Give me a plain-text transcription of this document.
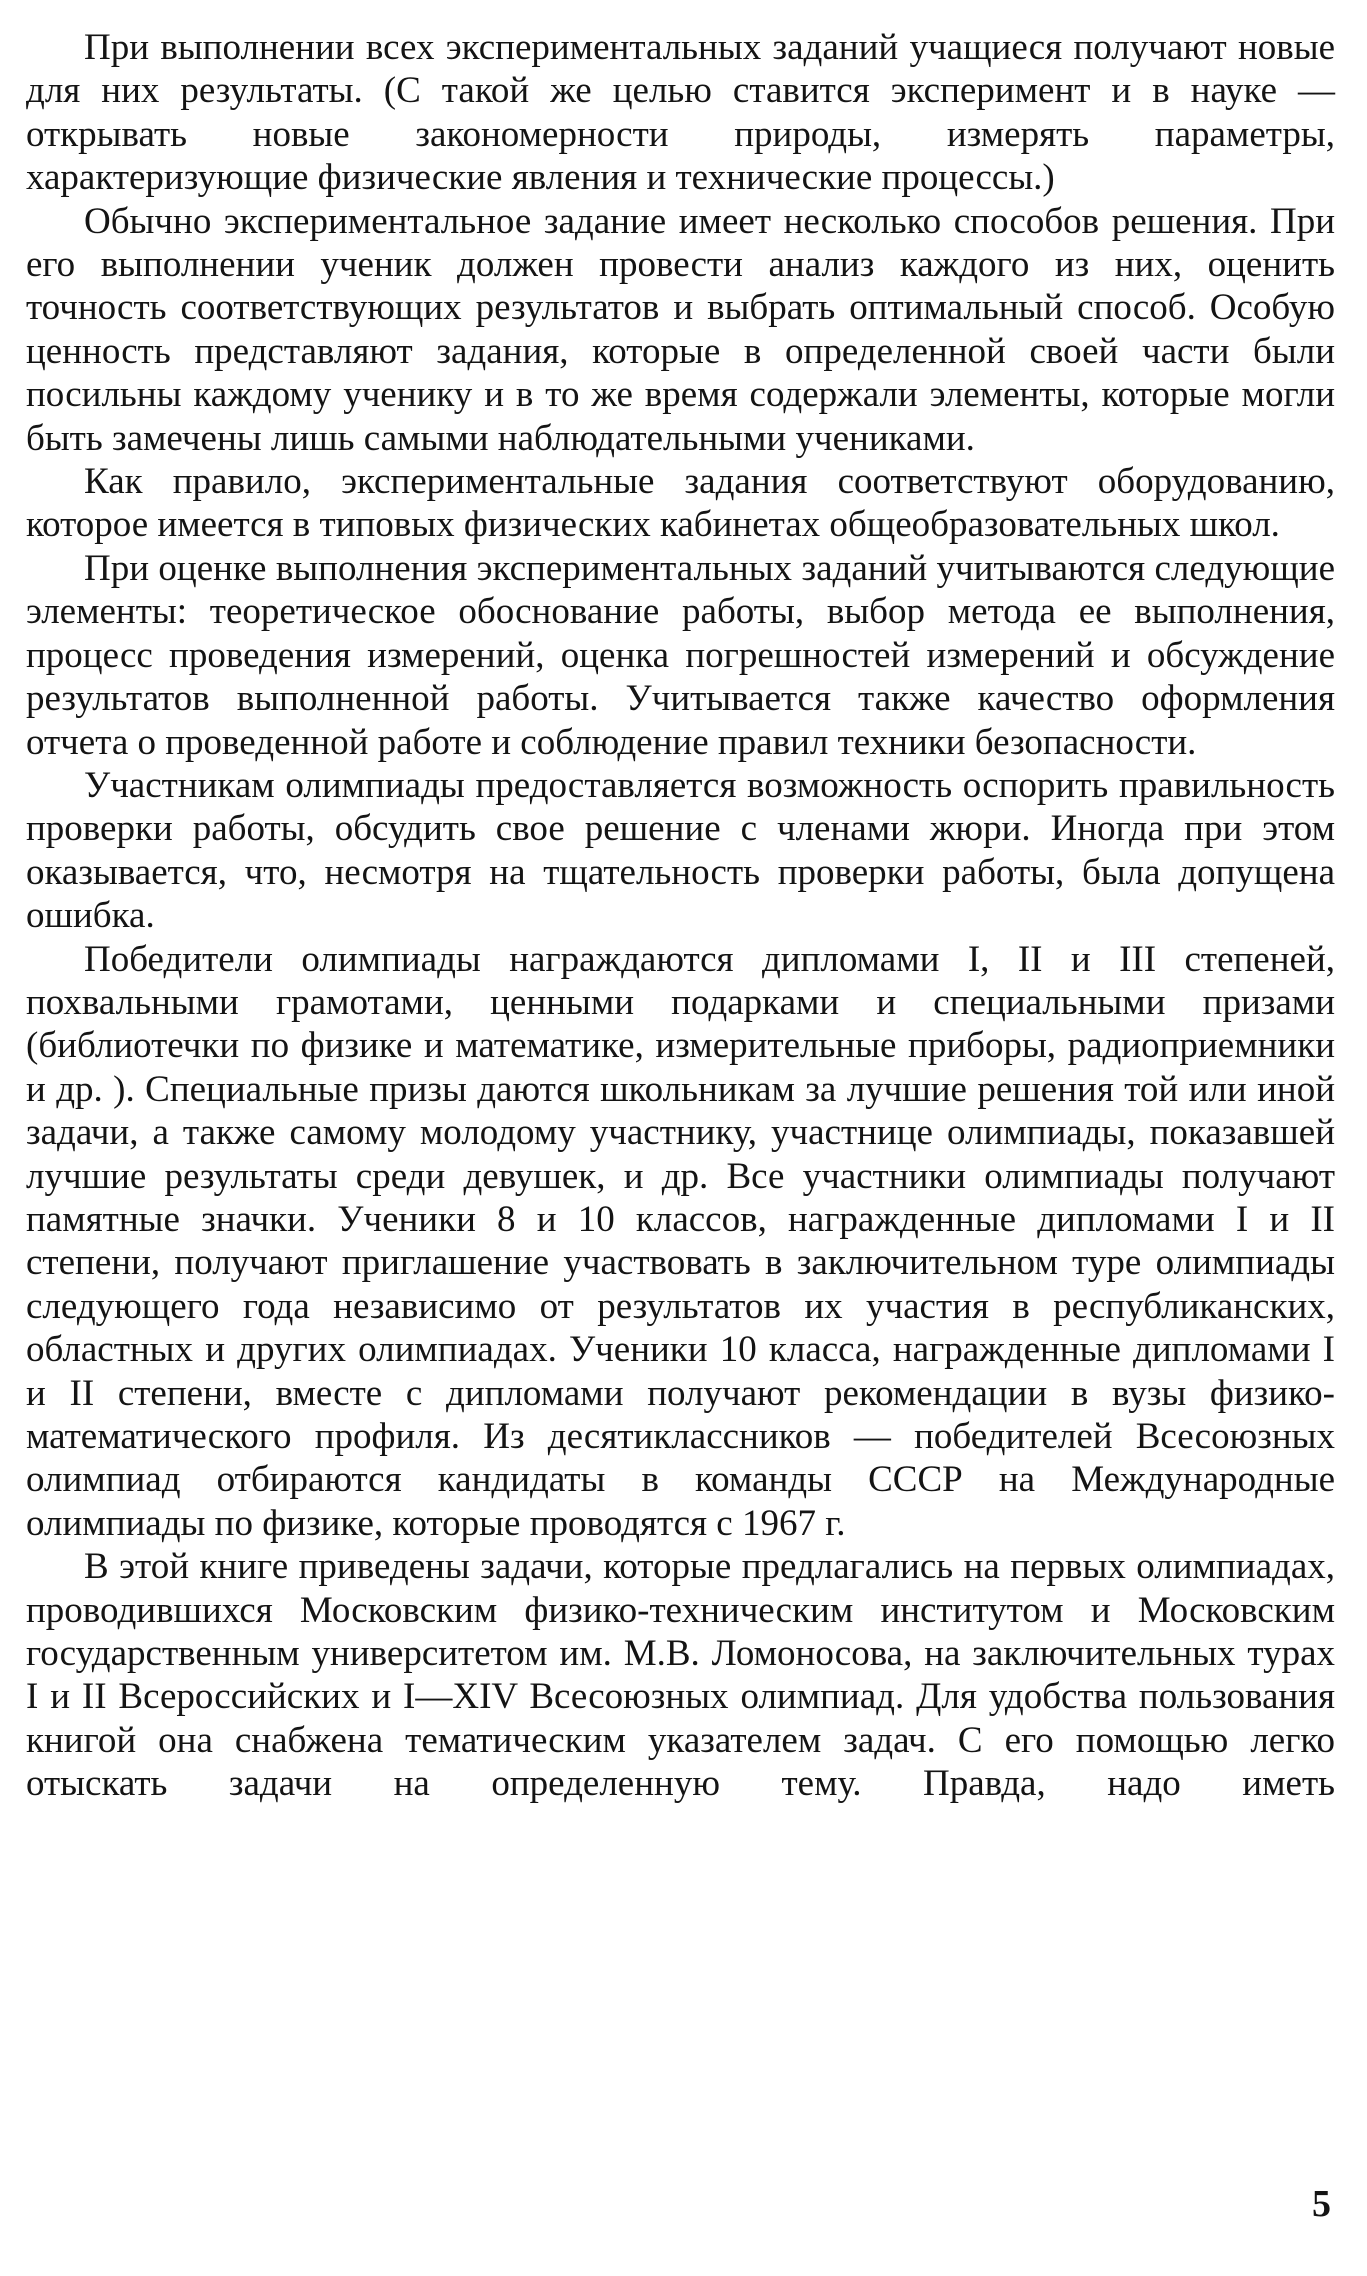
При выполнении всех экспериментальных заданий учащиеся получают новые для них результаты. (С такой же целью ставится эксперимент и в науке — открывать новые закономерности природы, измерять параметры, характеризующие физические явления и технические процессы.)

Обычно экспериментальное задание имеет несколько способов решения. При его выполнении ученик должен провести анализ каждого из них, оценить точность соответствующих результатов и выбрать оптимальный способ. Особую ценность представляют задания, которые в определенной своей части были посильны каждому ученику и в то же время содержали элементы, которые могли быть замечены лишь самыми наблюдательными учениками.

Как правило, экспериментальные задания соответствуют оборудованию, которое имеется в типовых физических кабинетах общеобразовательных школ.

При оценке выполнения экспериментальных заданий учитываются следующие элементы: теоретическое обоснование работы, выбор метода ее выполнения, процесс проведения измерений, оценка погрешностей измерений и обсуждение результатов выполненной работы. Учитывается также качество оформления отчета о проведенной работе и соблюдение правил техники безопасности.

Участникам олимпиады предоставляется возможность оспорить правильность проверки работы, обсудить свое решение с членами жюри. Иногда при этом оказывается, что, несмотря на тщательность проверки работы, была допущена ошибка.

Победители олимпиады награждаются дипломами I, II и III степеней, похвальными грамотами, ценными подарками и специальными призами (библиотечки по физике и математике, измерительные приборы, радиоприемники и др. ). Специальные призы даются школьникам за лучшие решения той или иной задачи, а также самому молодому участнику, участнице олимпиады, показавшей лучшие результаты среди девушек, и др. Все участники олимпиады получают памятные значки. Ученики 8 и 10 классов, награжденные дипломами I и II степени, получают приглашение участвовать в заключительном туре олимпиады следующего года независимо от результатов их участия в республиканских, областных и других олимпиадах. Ученики 10 класса, награжденные дипломами I и II степени, вместе с дипломами получают рекомендации в вузы физико-математического профиля. Из десятиклассников — победителей Всесоюзных олимпиад отбираются кандидаты в команды СССР на Международные олимпиады по физике, которые проводятся с 1967 г.

В этой книге приведены задачи, которые предлагались на первых олимпиадах, проводившихся Московским физико-техническим институтом и Московским государственным университетом им. М.В. Ломоносова, на заключительных турах I и II Всероссийских и I—XIV Всесоюзных олимпиад. Для удобства пользования книгой она снабжена тематическим указателем задач. С его помощью легко отыскать задачи на определенную тему. Правда, надо иметь

5
